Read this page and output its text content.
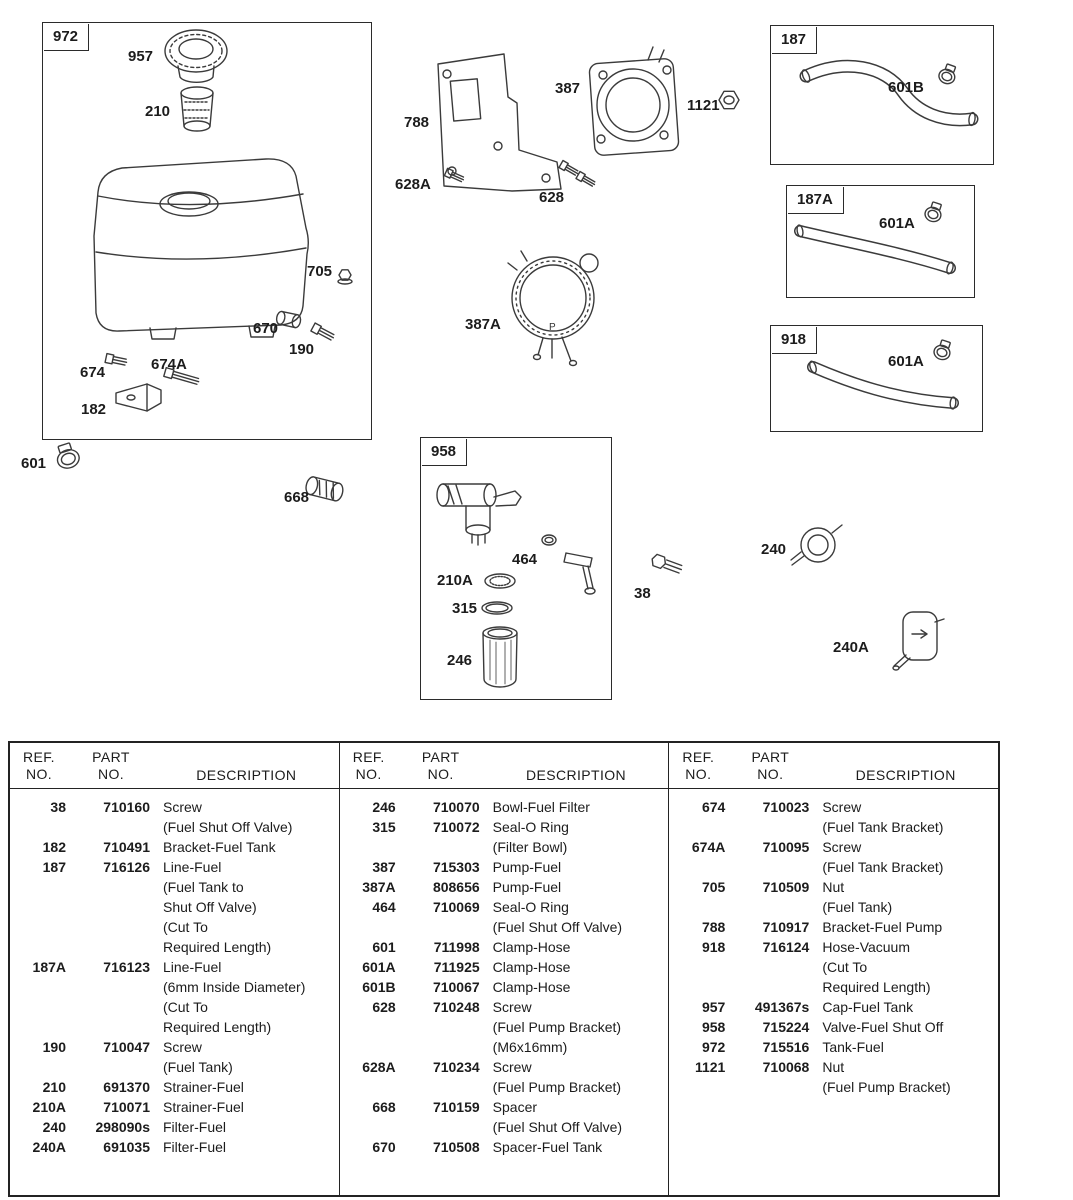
P
972	187
187A
918
958
957
210
705
670
190
674	674A
182
601
668
788
387
628A
628
1121
387A
601B
601A
601A
464
210A
315
246
38
240
240A
REF.
NO.
PART
NO.	DESCRIPTION
38	710160 Screw
(Fuel Shut Off Valve)
182	710491 Bracket-Fuel Tank
187	716126 Line-Fuel
(Fuel Tank to
Shut Off Valve)
(Cut To
Required Length)
187A	716123 Line-Fuel
(6mm Inside Diameter)
(Cut To
Required Length)
190	710047 Screw
(Fuel Tank)
210	691370 Strainer-Fuel
210A	710071 Strainer-Fuel
240	298090s Filter-Fuel
240A	691035 Filter-Fuel
REF.
NO.
PART
NO.	DESCRIPTION
246	710070 Bowl-Fuel Filter
315	710072 Seal-O Ring
(Filter Bowl)
387	715303 Pump-Fuel
387A	808656 Pump-Fuel
464	710069 Seal-O Ring
(Fuel Shut Off Valve)
601	711998 Clamp-Hose
601A	711925 Clamp-Hose
601B	710067 Clamp-Hose
628	710248 Screw
(Fuel Pump Bracket)
(M6x16mm)
628A	710234 Screw
(Fuel Pump Bracket)
668	710159 Spacer
(Fuel Shut Off Valve)
670	710508 Spacer-Fuel Tank
REF.
NO.
PART
NO.	DESCRIPTION
674	710023 Screw
(Fuel Tank Bracket)
674A	710095 Screw
(Fuel Tank Bracket)
705	710509 Nut
(Fuel Tank)
788	710917 Bracket-Fuel Pump
918	716124 Hose-Vacuum
(Cut To
Required Length)
957	491367s Cap-Fuel Tank
958	715224 Valve-Fuel Shut Off
972	715516 Tank-Fuel
1121	710068 Nut
(Fuel Pump Bracket)
